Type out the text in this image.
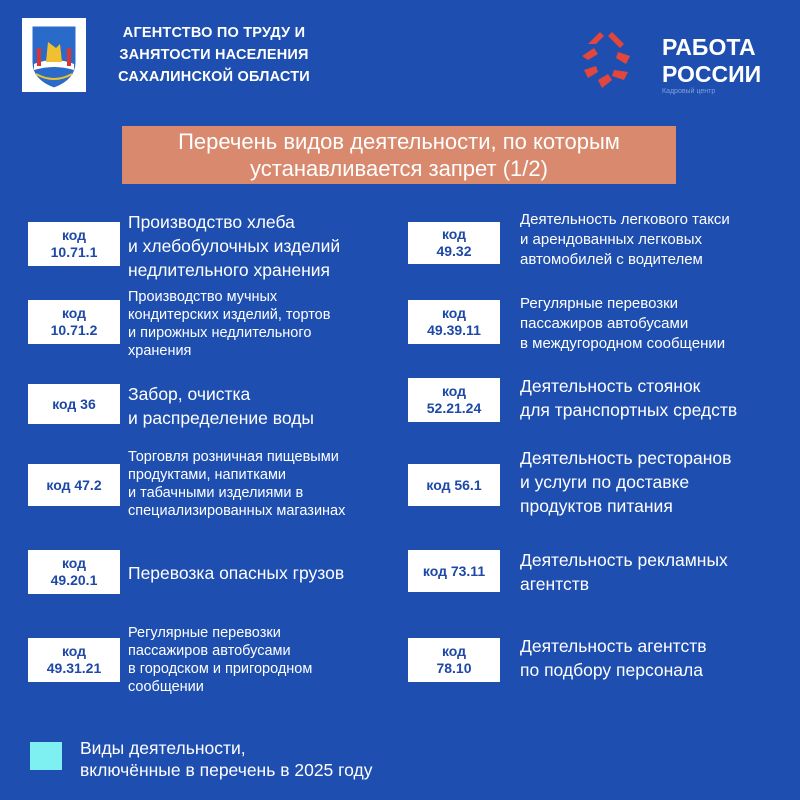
АГЕНТСТВО ПО ТРУДУ И
ЗАНЯТОСТИ НАСЕЛЕНИЯ
САХАЛИНСКОЙ ОБЛАСТИ
РАБОТА
РОССИИ
Кадровый центр
Перечень видов деятельности, по которым
устанавливается запрет (1/2)
код
10.71.1
Производство хлеба
и хлебобулочных изделий
недлительного хранения
код
10.71.2
Производство мучных
кондитерских изделий, тортов
и пирожных недлительного
хранения
код 36 Забор, очистка
и распределение воды
код 47.2
Торговля розничная пищевыми
продуктами, напитками
и табачными изделиями в
специализированных магазинах
код
49.20.1 Перевозка опасных грузов
код
49.31.21
Регулярные перевозки
пассажиров автобусами
в городском и пригородном
сообщении
код
49.32
Деятельность легкового такси
и арендованных легковых
автомобилей с водителем
код
49.39.11
Регулярные перевозки
пассажиров автобусами
в междугородном сообщении
код
52.21.24
Деятельность стоянок
для транспортных средств
код 56.1
Деятельность ресторанов
и услуги по доставке
продуктов питания
код 73.11
Деятельность рекламных
агентств
код
78.10
Деятельность агентств
по подбору персонала
Виды деятельности,
включённые в перечень в 2025 году
